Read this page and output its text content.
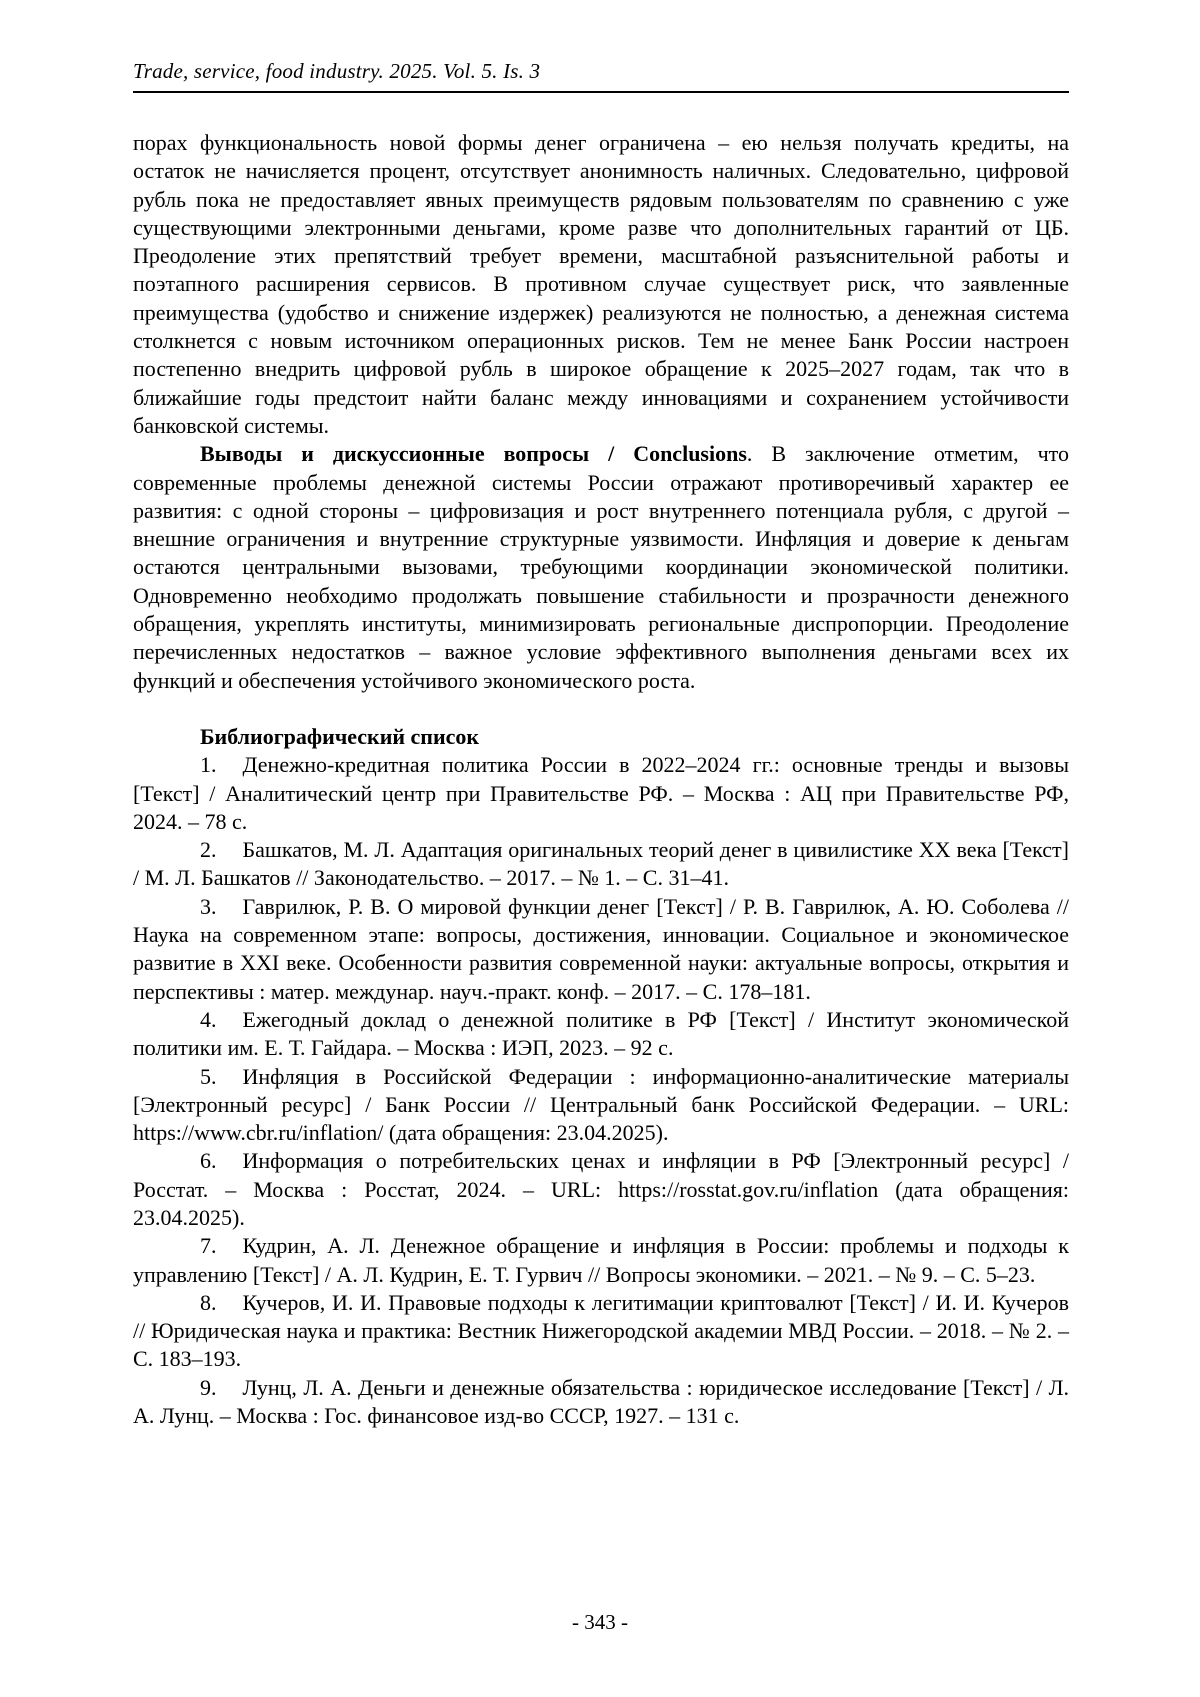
Trade, service, food industry. 2025. Vol. 5. Is. 3

порах функциональность новой формы денег ограничена – ею нельзя получать кредиты, на остаток не начисляется процент, отсутствует анонимность наличных. Следовательно, цифровой рубль пока не предоставляет явных преимуществ рядовым пользователям по сравнению с уже существующими электронными деньгами, кроме разве что дополнительных гарантий от ЦБ. Преодоление этих препятствий требует времени, масштабной разъяснительной работы и поэтапного расширения сервисов. В противном случае существует риск, что заявленные преимущества (удобство и снижение издержек) реализуются не полностью, а денежная система столкнется с новым источником операционных рисков. Тем не менее Банк России настроен постепенно внедрить цифровой рубль в широкое обращение к 2025–2027 годам, так что в ближайшие годы предстоит найти баланс между инновациями и сохранением устойчивости банковской системы.

Выводы и дискуссионные вопросы / Conclusions. В заключение отметим, что современные проблемы денежной системы России отражают противоречивый характер ее развития: с одной стороны – цифровизация и рост внутреннего потенциала рубля, с другой – внешние ограничения и внутренние структурные уязвимости. Инфляция и доверие к деньгам остаются центральными вызовами, требующими координации экономической политики. Одновременно необходимо продолжать повышение стабильности и прозрачности денежного обращения, укреплять институты, минимизировать региональные диспропорции. Преодоление перечисленных недостатков – важное условие эффективного выполнения деньгами всех их функций и обеспечения устойчивого экономического роста.

Библиографический список

1. Денежно-кредитная политика России в 2022–2024 гг.: основные тренды и вызовы [Текст] / Аналитический центр при Правительстве РФ. – Москва : АЦ при Правительстве РФ, 2024. – 78 с.

2. Башкатов, М. Л. Адаптация оригинальных теорий денег в цивилистике XX века [Текст] / М. Л. Башкатов // Законодательство. – 2017. – № 1. – С. 31–41.

3. Гаврилюк, Р. В. О мировой функции денег [Текст] / Р. В. Гаврилюк, А. Ю. Соболева // Наука на современном этапе: вопросы, достижения, инновации. Социальное и экономическое развитие в XXI веке. Особенности развития современной науки: актуальные вопросы, открытия и перспективы : матер. междунар. науч.-практ. конф. – 2017. – С. 178–181.

4. Ежегодный доклад о денежной политике в РФ [Текст] / Институт экономической политики им. Е. Т. Гайдара. – Москва : ИЭП, 2023. – 92 с.

5. Инфляция в Российской Федерации : информационно-аналитические материалы [Электронный ресурс] / Банк России // Центральный банк Российской Федерации. – URL: https://www.cbr.ru/inflation/ (дата обращения: 23.04.2025).

6. Информация о потребительских ценах и инфляции в РФ [Электронный ресурс] / Росстат. – Москва : Росстат, 2024. – URL: https://rosstat.gov.ru/inflation (дата обращения: 23.04.2025).

7. Кудрин, А. Л. Денежное обращение и инфляция в России: проблемы и подходы к управлению [Текст] / А. Л. Кудрин, Е. Т. Гурвич // Вопросы экономики. – 2021. – № 9. – С. 5–23.

8. Кучеров, И. И. Правовые подходы к легитимации криптовалют [Текст] / И. И. Кучеров // Юридическая наука и практика: Вестник Нижегородской академии МВД России. – 2018. – № 2. – С. 183–193.

9. Лунц, Л. А. Деньги и денежные обязательства : юридическое исследование [Текст] / Л. А. Лунц. – Москва : Гос. финансовое изд-во СССР, 1927. – 131 с.

- 343 -
